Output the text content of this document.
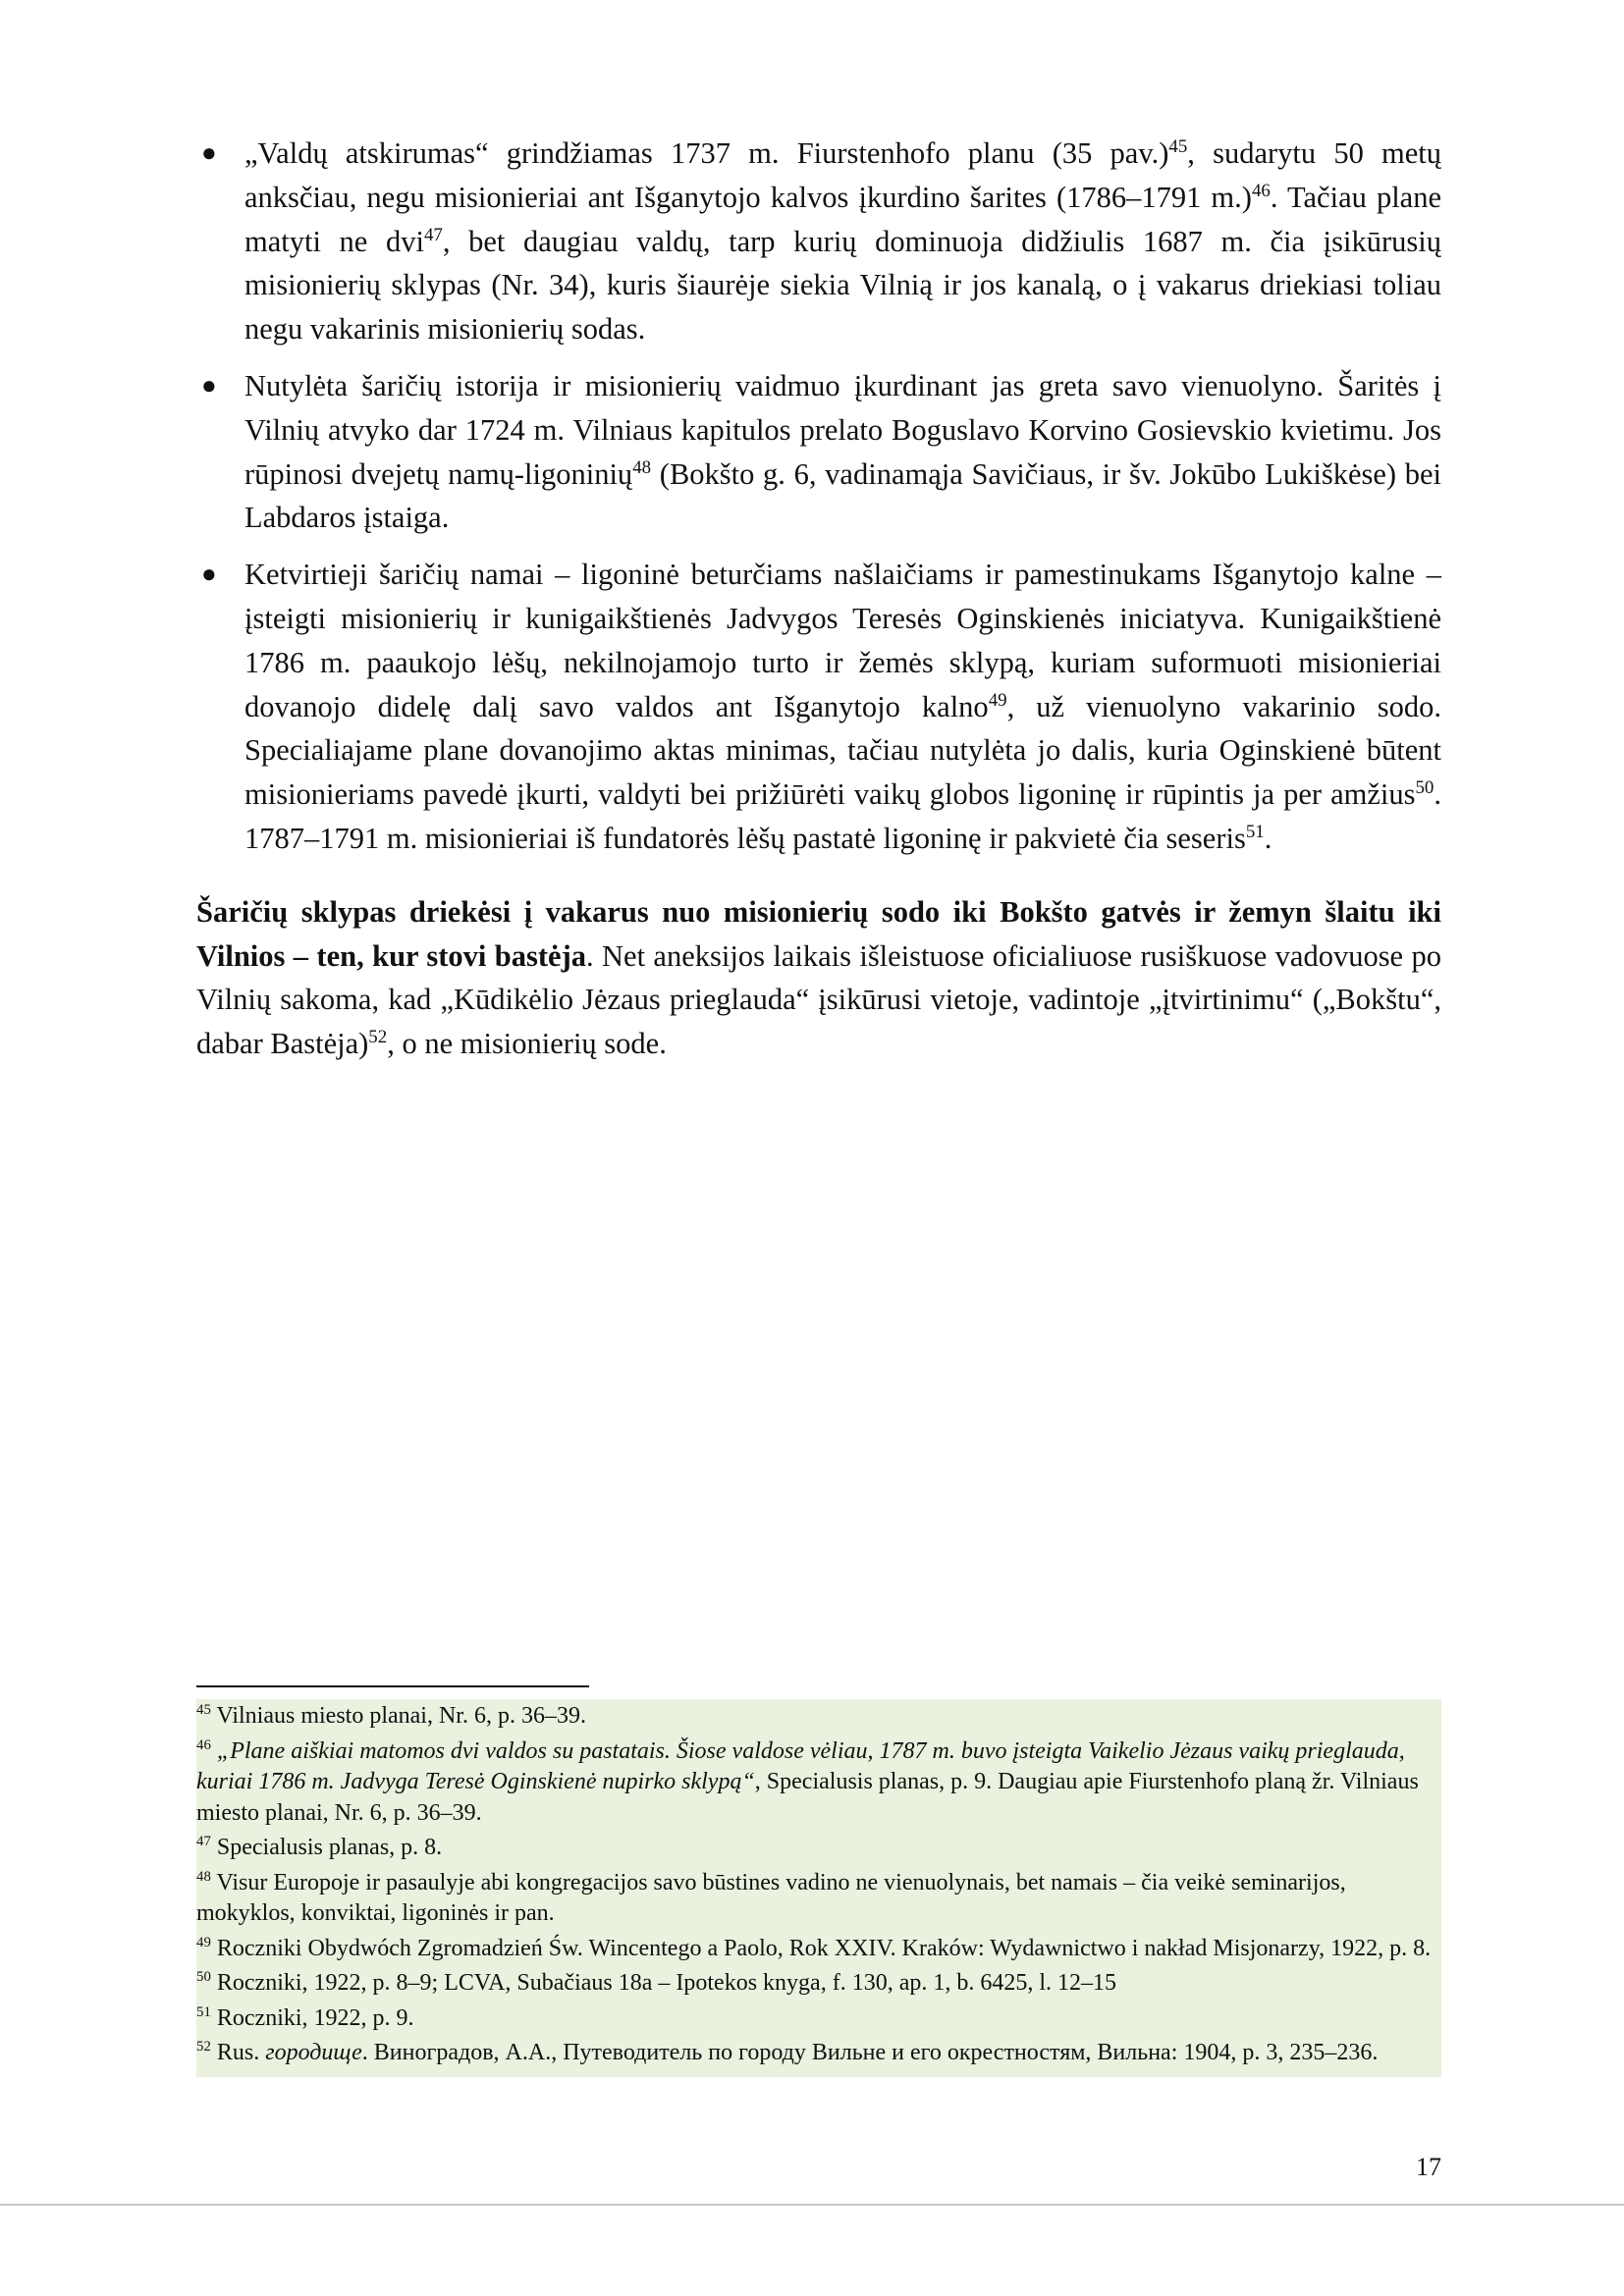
● „Valdų atskirumas“ grindžiamas 1737 m. Fiurstenhofo planu (35 pav.)$^{45}$, sudarytu 50 metų anksčiau, negu misionieriai ant Išganytojo kalvos įkurdino šarites (1786–1791 m.)$^{46}$. Tačiau plane matyti ne dvi$^{47}$, bet daugiau valdų, tarp kurių dominuoja didžiulis 1687 m. čia įsikūrusių misionierių sklypas (Nr. 34), kuris šiaurėje siekia Vilnią ir jos kanalą, o į vakarus driekiasi toliau negu vakarinis misionierių sodas.
● Nutylėta šaričių istorija ir misionierių vaidmuo įkurdinant jas greta savo vienuolyno. Šaritės į Vilnių atvyko dar 1724 m. Vilniaus kapitulos prelato Boguslavo Korvino Gosievskio kvietimu. Jos rūpinosi dvejetų namų-ligoninių$^{48}$ (Bokšto g. 6, vadinamąja Savičiaus, ir šv. Jokūbo Lukiškėse) bei Labdaros įstaiga.
● Ketvirtieji šaričių namai – ligoninė beturčiams našlaičiams ir pamestinukams Išganytojo kalne – įsteigti misionierių ir kunigaikštienės Jadvygos Teresės Oginskienės iniciatyva. Kunigaikštienė 1786 m. paaukojo lėšų, nekilnojamojo turto ir žemės sklypą, kuriam suformuoti misionieriai dovanojo didelę dalį savo valdos ant Išganytojo kalno$^{49}$, už vienuolyno vakarinio sodo. Specialiajame plane dovanojimo aktas minimas, tačiau nutylėta jo dalis, kuria Oginskienė būtent misionieriams pavedė įkurti, valdyti bei prižiūrėti vaikų globos ligoninę ir rūpintis ja per amžius$^{50}$. 1787–1791 m. misionieriai iš fundatorės lėšų pastatė ligoninę ir pakvietė čia seseris$^{51}$.

Šaričių sklypas driekėsi į vakarus nuo misionierių sodo iki Bokšto gatvės ir žemyn šlaitu iki Vilnios – ten, kur stovi bastėja. Net aneksijos laikais išleistuose oficialiuose rusiškuose vadovuose po Vilnių sakoma, kad „Kūdikėlio Jėzaus prieglauda“ įsikūrusi vietoje, vadintoje „įtvirtinimu“ („Bokštu“, dabar Bastėja)$^{52}$, o ne misionierių sode.

$^{45}$ Vilniaus miesto planai, Nr. 6, p. 36–39.

$^{46}$ „Plane aiškiai matomos dvi valdos su pastatais. Šiose valdose vėliau, 1787 m. buvo įsteigta Vaikelio Jėzaus vaikų prieglauda, kuriai 1786 m. Jadvyga Teresė Oginskienė nupirko sklypą“, Specialusis planas, p. 9. Daugiau apie Fiurstenhofo planą žr. Vilniaus miesto planai, Nr. 6, p. 36–39.

$^{47}$ Specialusis planas, p. 8.

$^{48}$ Visur Europoje ir pasaulyje abi kongregacijos savo būstines vadino ne vienuolynais, bet namais – čia veikė seminarijos, mokyklos, konviktai, ligoninės ir pan.

$^{49}$ Roczniki Obydwóch Zgromadzień Św. Wincentego a Paolo, Rok XXIV. Kraków: Wydawnictwo i nakład Misjonarzy, 1922, p. 8.

$^{50}$ Roczniki, 1922, p. 8–9; LCVA, Subačiaus 18a – Ipotekos knyga, f. 130, ap. 1, b. 6425, l. 12–15

$^{51}$ Roczniki, 1922, p. 9.

$^{52}$ Rus. городище. Виноградов, А.А., Путеводитель по городу Вильне и его окрестностям, Вильна: 1904, p. 3, 235–236.

17
